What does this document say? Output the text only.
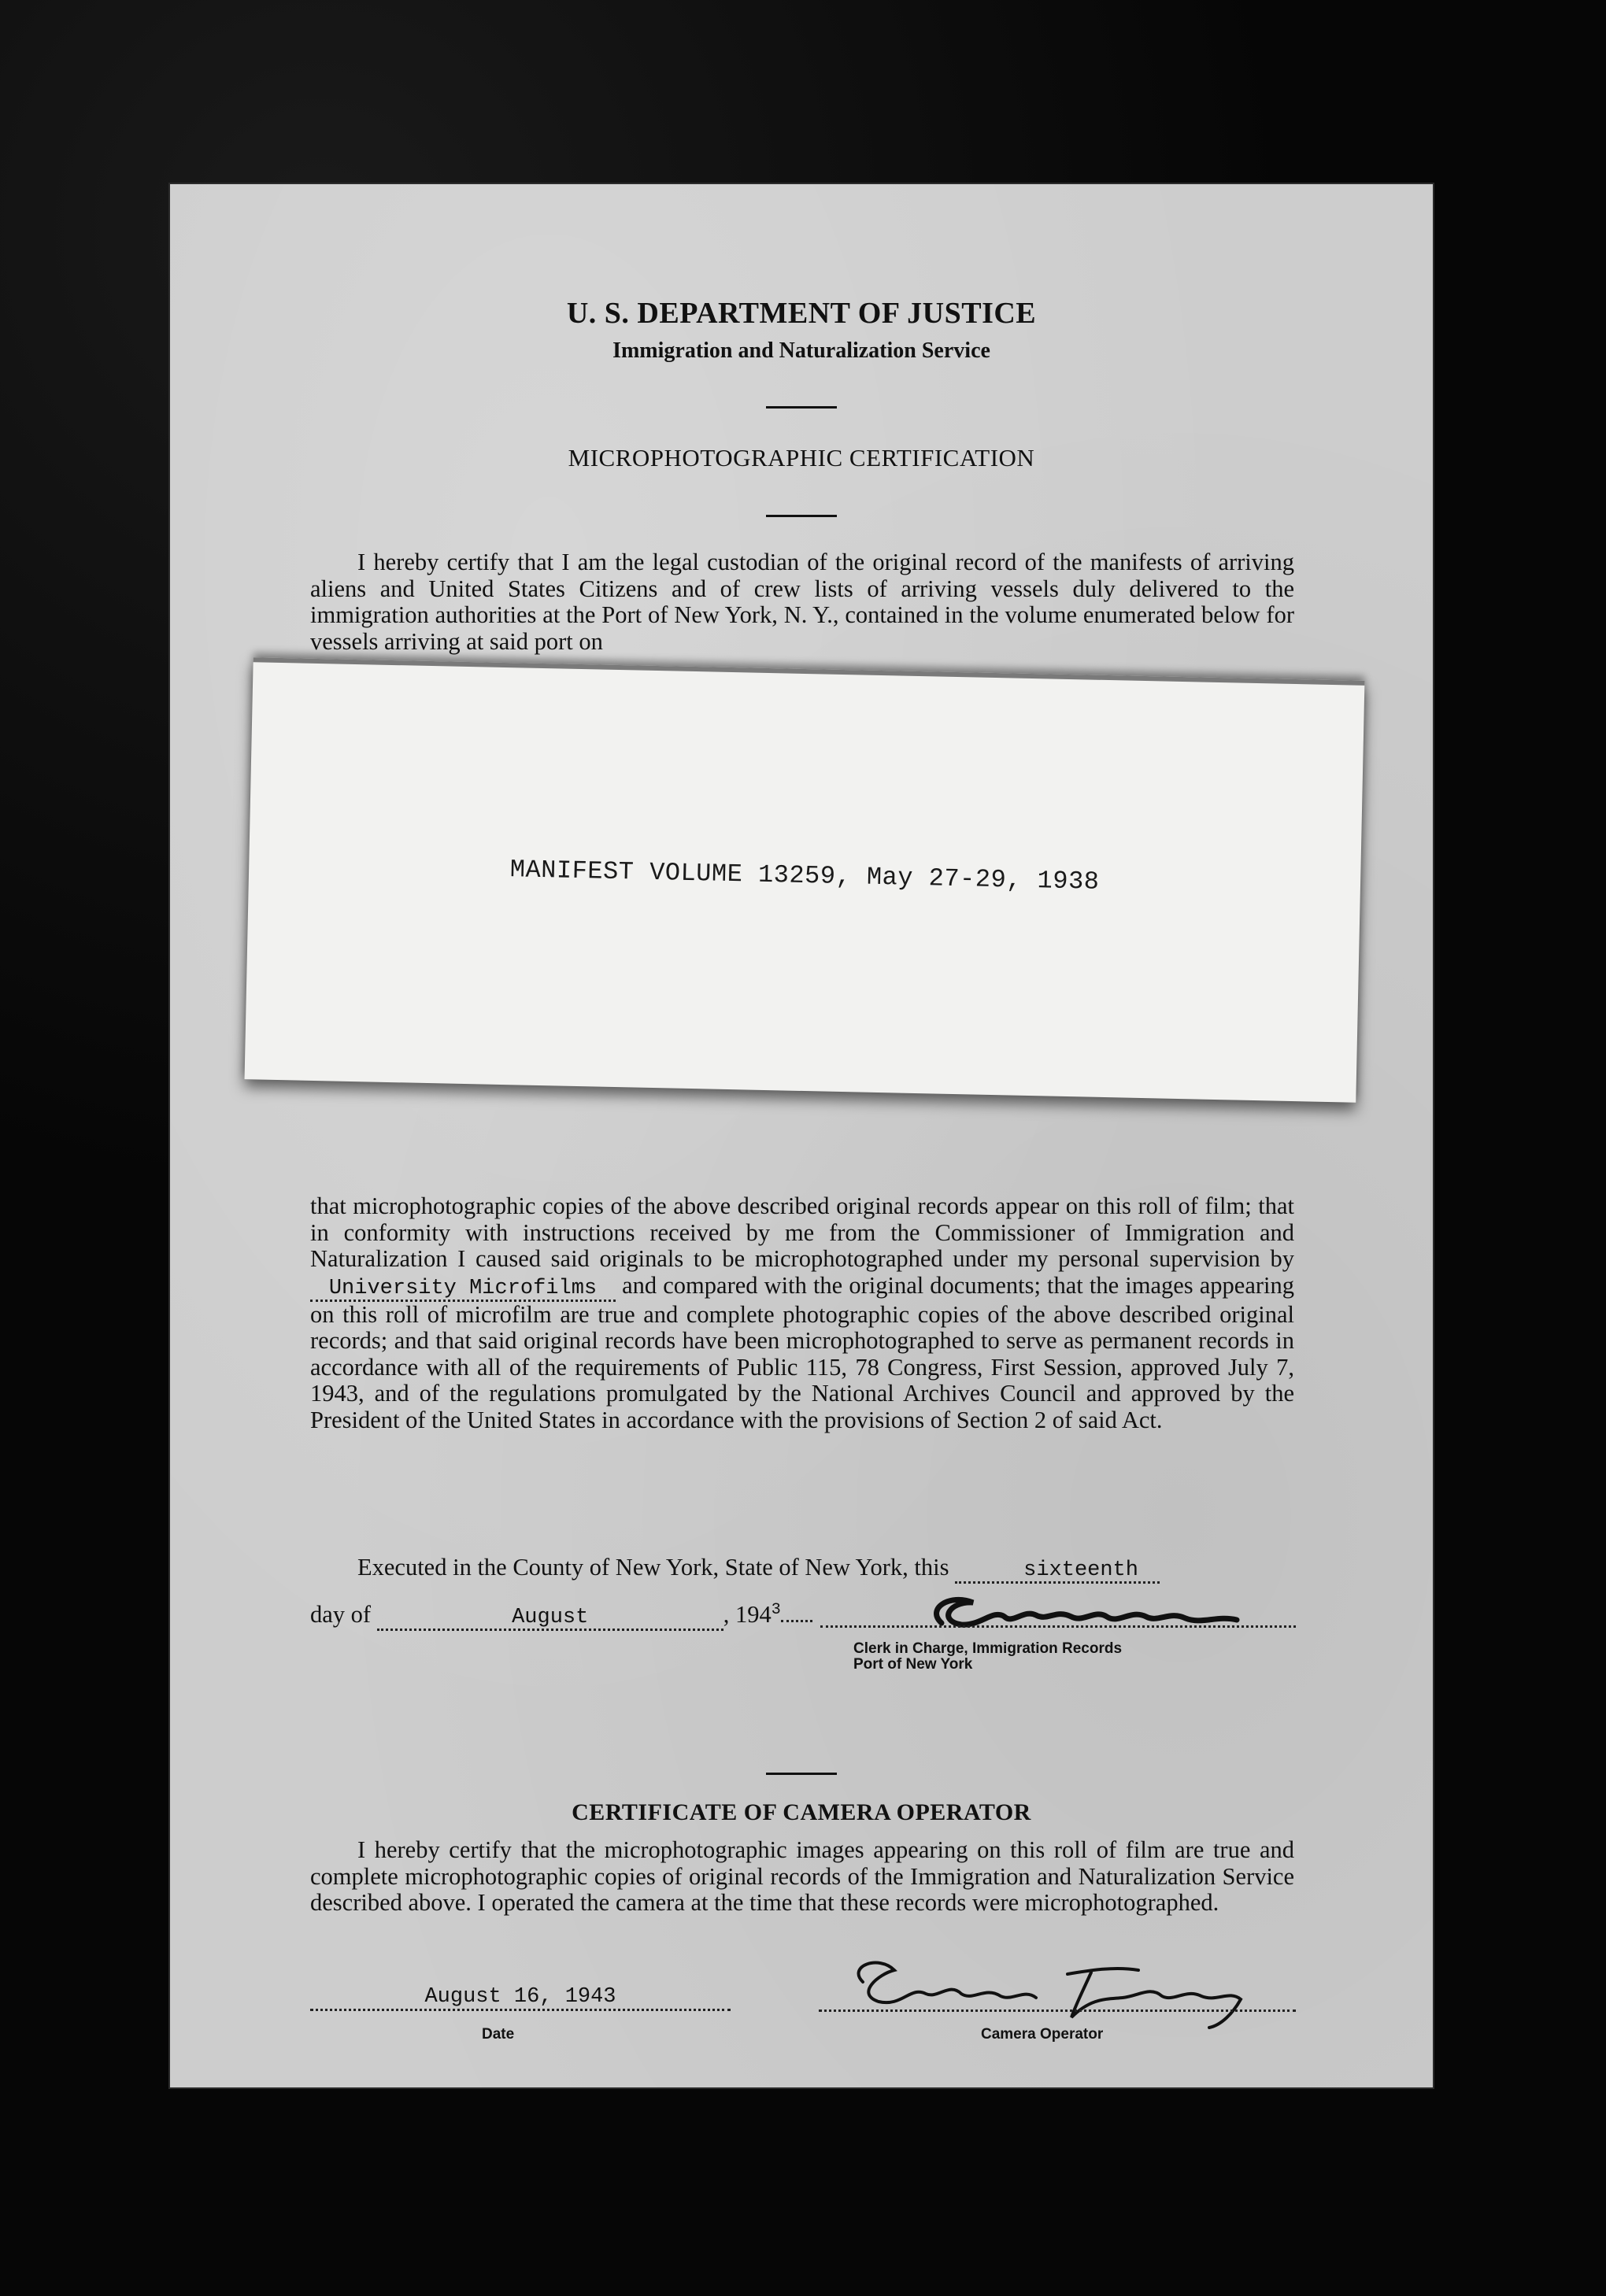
U. S. DEPARTMENT OF JUSTICE
Immigration and Naturalization Service
MICROPHOTOGRAPHIC CERTIFICATION
I hereby certify that I am the legal custodian of the original record of the manifests of arriving aliens and United States Citizens and of crew lists of arriving vessels duly delivered to the immigration authorities at the Port of New York, N. Y., contained in the volume enumerated below for vessels arriving at said port on
MANIFEST VOLUME 13259, May 27-29, 1938
that microphotographic copies of the above described original records appear on this roll of film; that in conformity with instructions received by me from the Commissioner of Immigration and Naturalization I caused said originals to be microphotographed under my personal supervision by University Microfilms and compared with the original documents; that the images appearing on this roll of microfilm are true and complete photographic copies of the above described original records; and that said original records have been microphotographed to serve as permanent records in accordance with all of the requirements of Public 115, 78 Congress, First Session, approved July 7, 1943, and of the regulations promulgated by the National Archives Council and approved by the President of the United States in accordance with the provisions of Section 2 of said Act.
Executed in the County of New York, State of New York, this	sixteenth
day of	August	, $194^3$
Clerk in Charge, Immigration Records
Port of New York
CERTIFICATE OF CAMERA OPERATOR
I hereby certify that the microphotographic images appearing on this roll of film are true and complete microphotographic copies of original records of the Immigration and Naturalization Service described above. I operated the camera at the time that these records were microphotographed.
August 16, 1943
Date	Camera Operator
